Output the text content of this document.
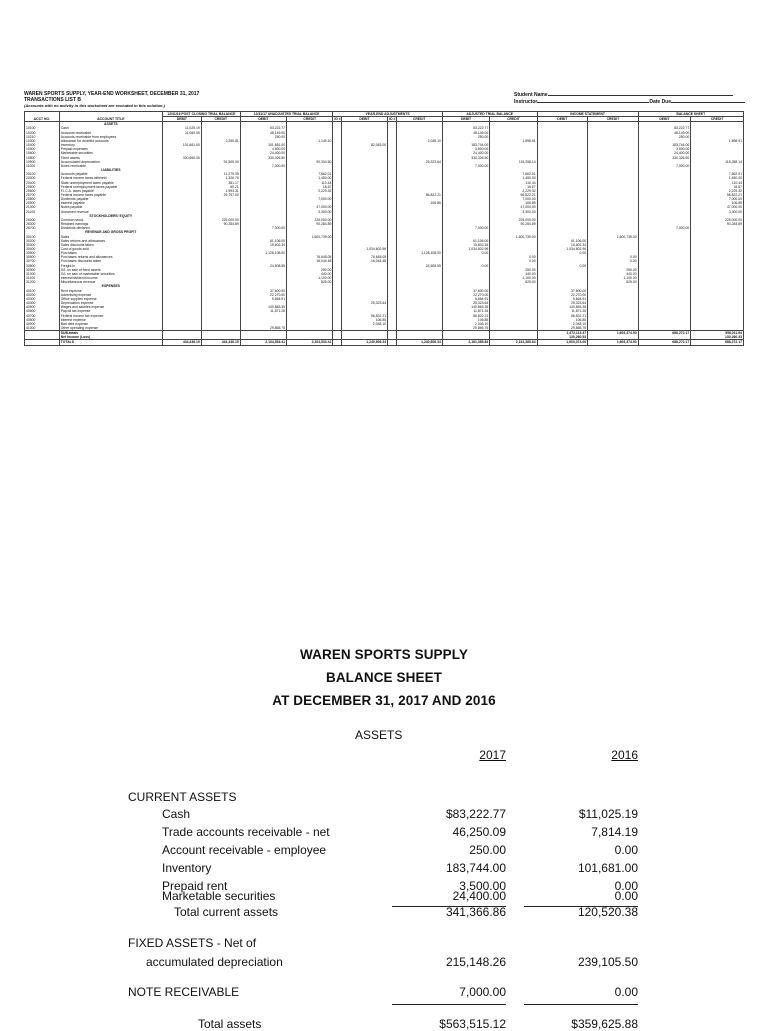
WAREN SPORTS SUPPLY, YEAR-END WORKSHEET, DECEMBER 31, 2017
TRANSACTIONS LIST B
(Accounts with no activity in this worksheet are excluded in this solution.)
Student Name
Instructor	Date Due
ACCT NO.	ACCOUNT TITLE	12/31/16 POST CLOSING TRIAL BALANCE		12/31/17 UNADJUSTED TRIAL BALANCE		YEAR-END ADJUSTMENTS				ADJUSTED TRIAL BALANCE		INCOME STATEMENT		BALANCE SHEET	
		DEBIT	CREDIT	DEBIT	CREDIT	ID #	DEBIT	ID #	CREDIT	DEBIT	CREDIT	DEBIT	CREDIT	DEBIT	CREDIT
	ASSETS														
10100	Cash	11,025.19		83,222.77						83,222.77				83,222.77	
10200	Accounts receivable	11,060.05		48,149.00						48,149.00				48,149.00	
10210	Accounts receivable from employees			250.00						250.00				250.00	
10300	Allowance for doubtful accounts		2,250.81		1,149.10				2,048.10		1,898.91				1,898.91
10400	Inventory	101,681.00		101,681.00			82,063.00			183,744.00				183,744.00	
10500	Prepaid expenses			4,500.00						3,500.00				3,500.00	
10600	Marketable securities			24,400.00						24,400.00				24,400.00	
10800	Fixed assets	330,660.00		330,326.50						330,326.50				330,326.50	
10900	Accumulated depreciation		91,509.00		90,334.50				25,323.64		115,258.14				115,258.14
11000	Notes receivable			7,000.00						7,000.00				7,000.00	

	LIABILITIES														
20100	Accounts payable		11,279.35		7,662.01						7,662.01				7,662.01
20300	Federal income taxes withheld		1,326.76		1,450.00						1,450.00				1,450.00
20400	State unemployment taxes payable		381.17		110.44						110.44				110.44
20500	Federal unemployment taxes payable		65.21		16.67						16.67				16.67
20600	F.I.C.A. taxes payable		1,993.31		2,229.32						2,229.32				2,229.32
20700	Federal income taxes payable		29,797.00						56,822.21		56,822.21				56,822.21
20800	Dividends payable				7,000.00						7,000.00				7,000.00
20900	Interest payable								106.85		106.85				106.85
21000	Notes payable				47,000.00						47,000.00				47,000.00
21100	Unearned revenue				3,300.00						3,300.00				3,300.00

	STOCKHOLDERS' EQUITY														
26000	Common stock		225,000.00		225,000.00						225,000.00				225,000.00
26300	Retained earnings		90,284.89		90,284.89						90,284.89				90,284.89
26700	Dividends declared			7,000.00						7,000.00				7,000.00	

	REVENUE AND GROSS PROFIT														
30100	Sales				1,600,739.00						1,600,739.00		1,600,739.00		
30200	Sales returns and allowances			61,106.00						61,106.00		61,106.00			
30300	Sales discounts taken			15,602.34						15,602.34		15,602.34			
30400	Cost of goods sold						1,034,602.96			1,034,602.96		1,034,602.96			
30500	Purchases			1,128,108.00					1,128,108.00	0.00		0.00			
30600	Purchases returns and allowances				76,645.05		76,645.05				0.00		0.00		
30700	Purchases discounts taken				16,044.48		16,044.48				0.00		0.00		
30800	Freight-in			24,508.55					24,508.55	0.00		0.00			
30900	G/L on sale of fixed assets				250.00						250.00		250.00		
31000	G/L on sale of marketable securities				440.00						440.00		440.00		
31100	Interest/dividend income				1,100.00						1,100.00		1,100.00		
31200	Miscellaneous revenue				825.00						825.00		825.00		

	EXPENSES														
40100	Rent expense			37,600.00						37,600.00		37,600.00			
40200	Advertising expense			22,270.00						22,270.00		22,270.00			
40300	Office supplies expense			5,664.91						5,664.91		5,664.91			
40400	Depreciation expense						25,323.64			25,323.64		25,323.64			
40500	Wages and salaries expense			140,863.35						140,863.35		140,863.35			
40600	Payroll tax expense			11,871.26						11,871.26		11,871.26			
40700	Federal income tax expense						56,822.21			56,822.21		56,822.21			
40800	Interest expense						106.85			106.85		106.85			
40900	Bad debt expense						2,048.10			2,048.10		2,048.10			
41000	Other operating expense			29,865.75						29,865.75		29,865.75			

	SUB-totals											1,472,113.47	1,603,374.00	688,272.17	558,011.84
	Net Income (Loss)											130,260.53			130,260.33
	TOTALS	444,436.19	444,436.19	2,104,533.41	2,104,533.41		1,240,606.34		1,240,606.34	2,161,385.84	2,161,385.84	1,603,374.00	1,603,374.00	688,272.17	688,272.17
WAREN SPORTS SUPPLY
BALANCE SHEET
AT DECEMBER 31, 2017 AND 2016
ASSETS
2017	2016
CURRENT ASSETS
Cash	$83,222.77	$11,025.19
Trade accounts receivable - net	46,250.09	7,814.19
Account receivable - employee	250.00	0.00
Inventory	183,744.00	101,681.00
Prepaid rent	3,500.00	0.00
Marketable securities	24,400.00	0.00
Total current assets	341,366.86	120,520.38
FIXED ASSETS - Net of
accumulated depreciation	215,148.26	239,105.50
NOTE RECEIVABLE	7,000.00	0.00
Total assets	$563,515.12	$359,625.88
